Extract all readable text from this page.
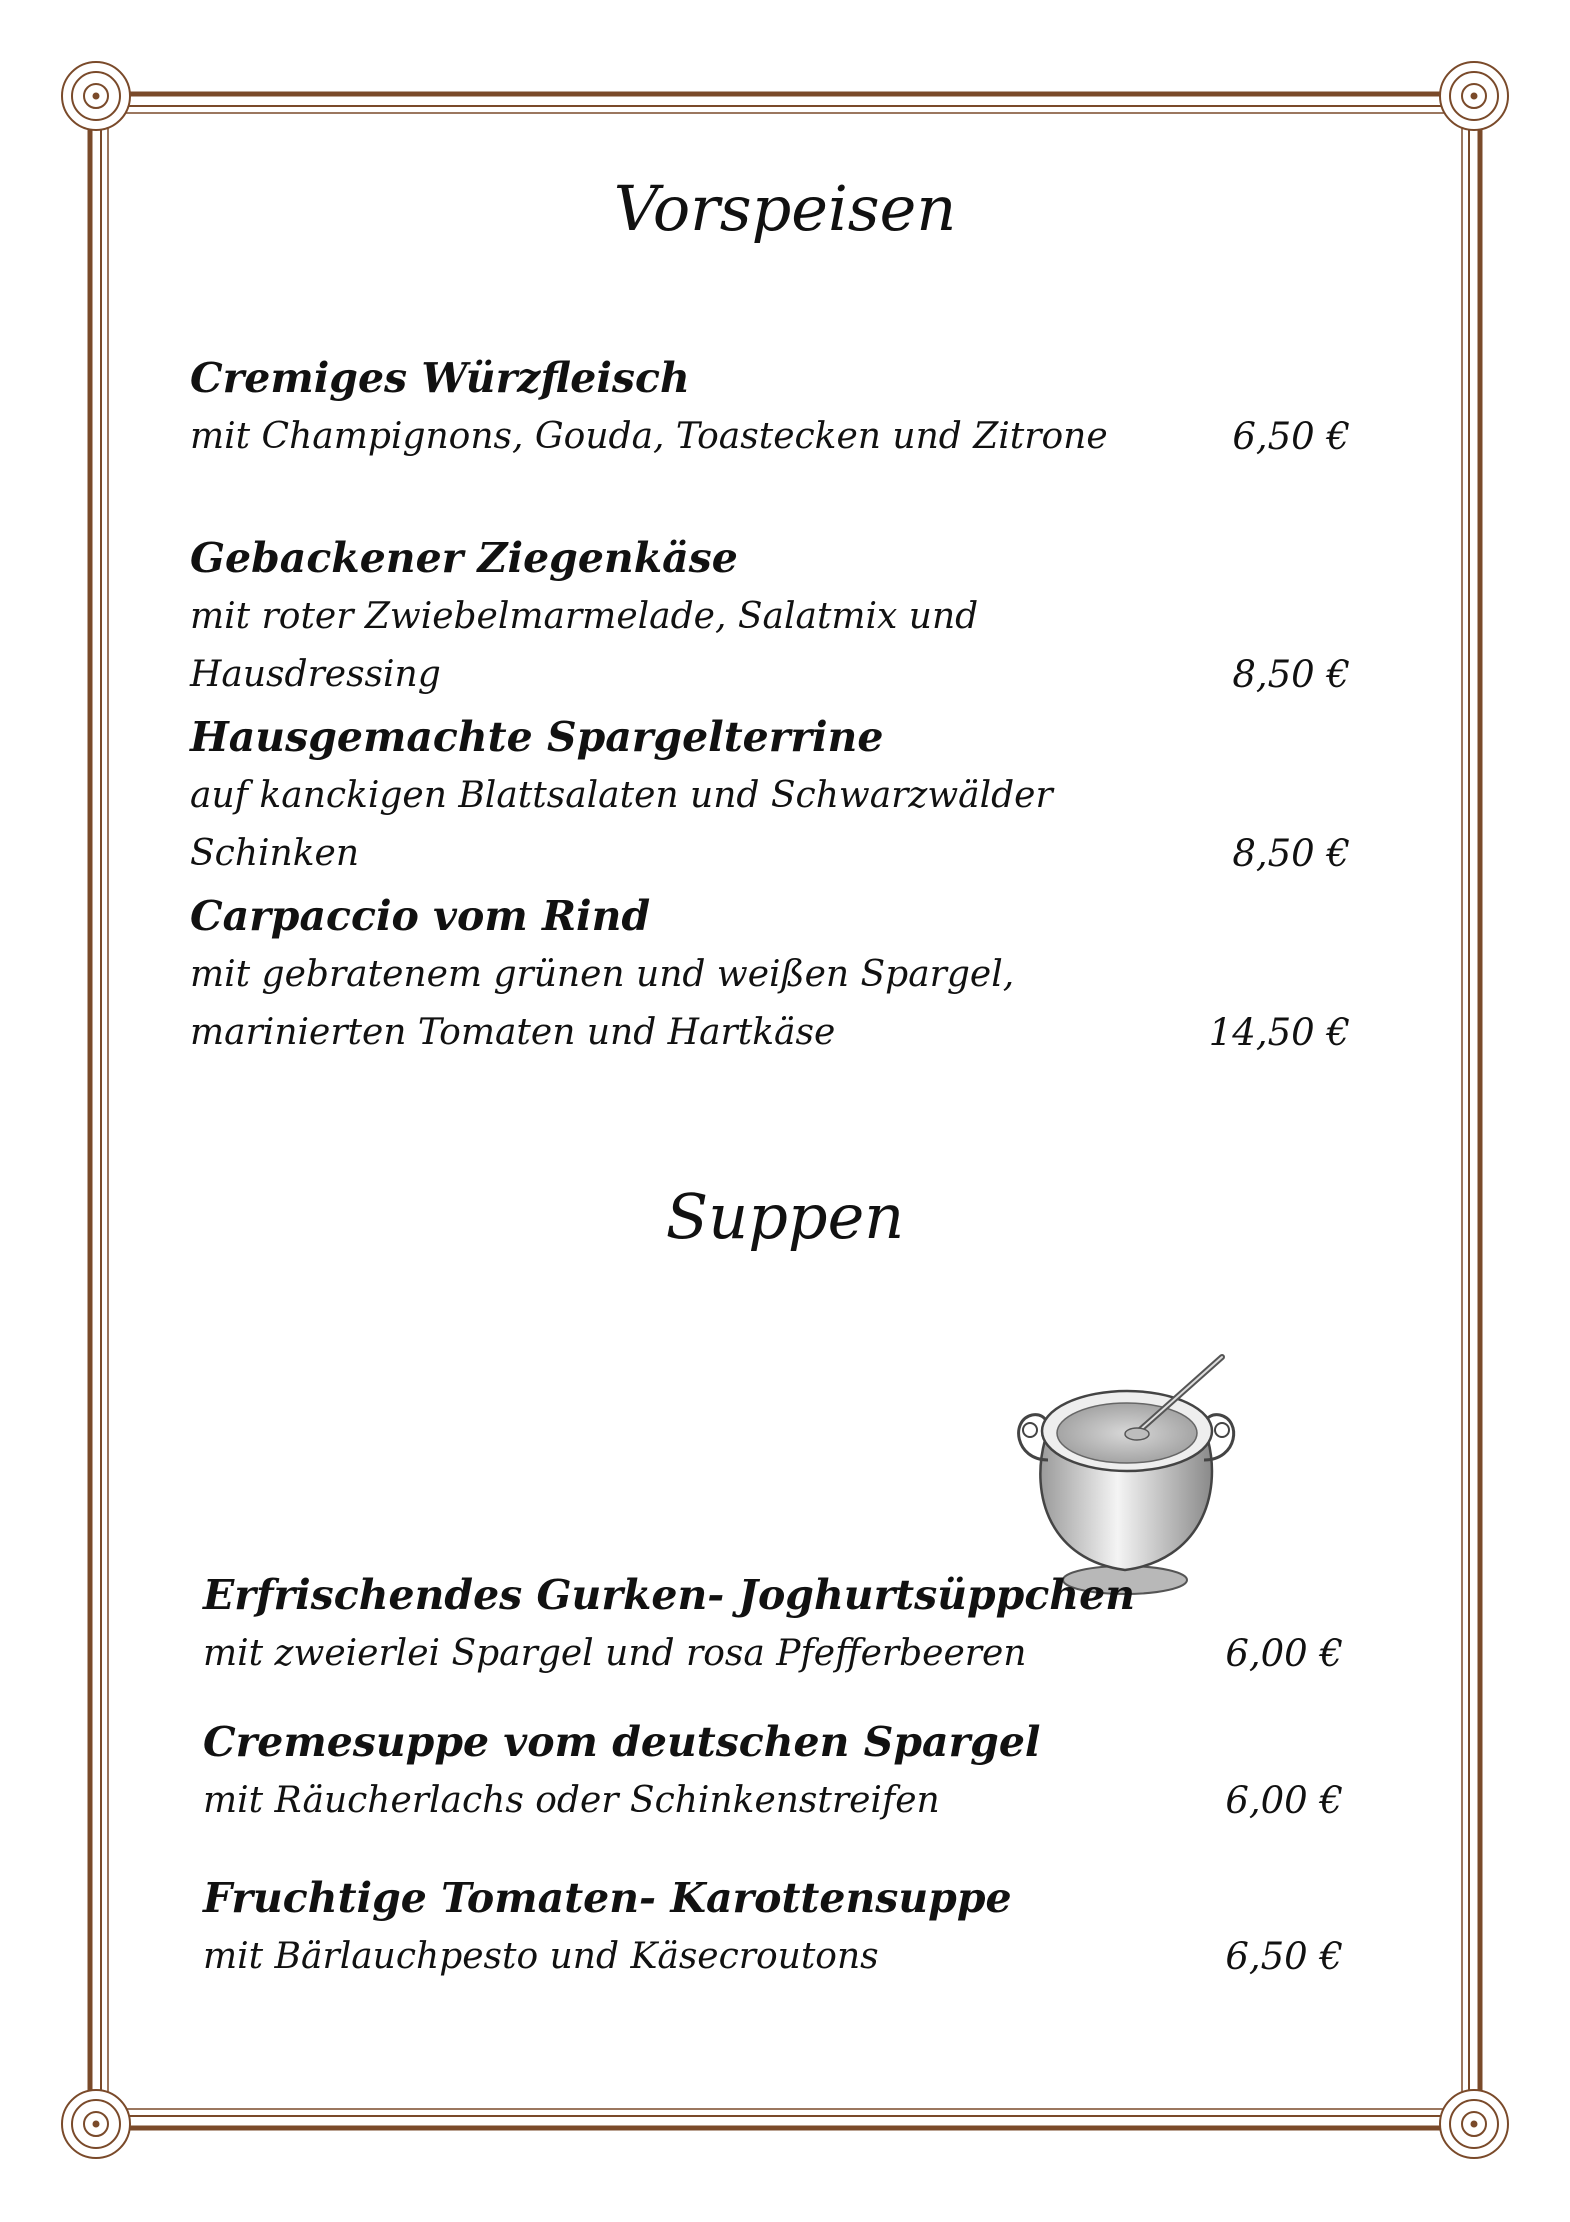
Vorspeisen
Cremiges Würzfleisch
mit Champignons, Gouda, Toastecken und Zitrone	6,50 €
Gebackener Ziegenkäse
mit roter Zwiebelmarmelade, Salatmix und Hausdressing	8,50 €
Hausgemachte Spargelterrine
auf kanckigen Blattsalaten und Schwarzwälder Schinken	8,50 €
Carpaccio vom Rind
mit gebratenem grünen und weißen Spargel, marinierten Tomaten und Hartkäse	14,50 €
Suppen
Erfrischendes Gurken- Joghurtsüppchen
mit zweierlei Spargel und rosa Pfefferbeeren	6,00 €
Cremesuppe vom deutschen Spargel
mit Räucherlachs oder Schinkenstreifen	6,00 €
Fruchtige Tomaten- Karottensuppe
mit Bärlauchpesto und Käsecroutons	6,50 €
